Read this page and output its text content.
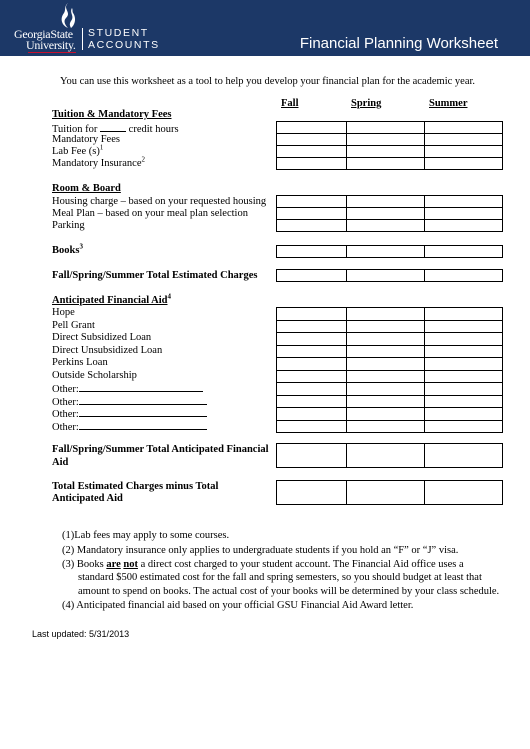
GeorgiaState
University.
STUDENT
ACCOUNTS	Financial Planning Worksheet
You can use this worksheet as a tool to help you develop your financial plan for the academic year.
Fall	Spring	Summer
Tuition & Mandatory Fees
Tuition for	credit hours
Mandatory Fees
Lab Fee $(s)^1$
Mandatory Insurance$^2$

Room & Board
Housing charge – based on your requested housing
Meal Plan – based on your meal plan selection
Parking

Books$^3$

Fall/Spring/Summer Total Estimated Charges

Anticipated Financial Aid$^4$
Hope
Pell Grant
Direct Subsidized Loan
Direct Unsubsidized Loan
Perkins Loan
Outside Scholarship
Other:
Other:
Other:
Other:

Fall/Spring/Summer Total Anticipated Financial
Aid

Total Estimated Charges minus Total
Anticipated Aid

(1)Lab fees may apply to some courses.
(2) Mandatory insurance only applies to undergraduate students if you hold an “F” or “J” visa.
(3) Books are not a direct cost charged to your student account. The Financial Aid office uses a
standard $500 estimated cost for the fall and spring semesters, so you should budget at least that
amount to spend on books. The actual cost of your books will be determined by your class schedule.
(4) Anticipated financial aid based on your official GSU Financial Aid Award letter.
Last updated: 5/31/2013
